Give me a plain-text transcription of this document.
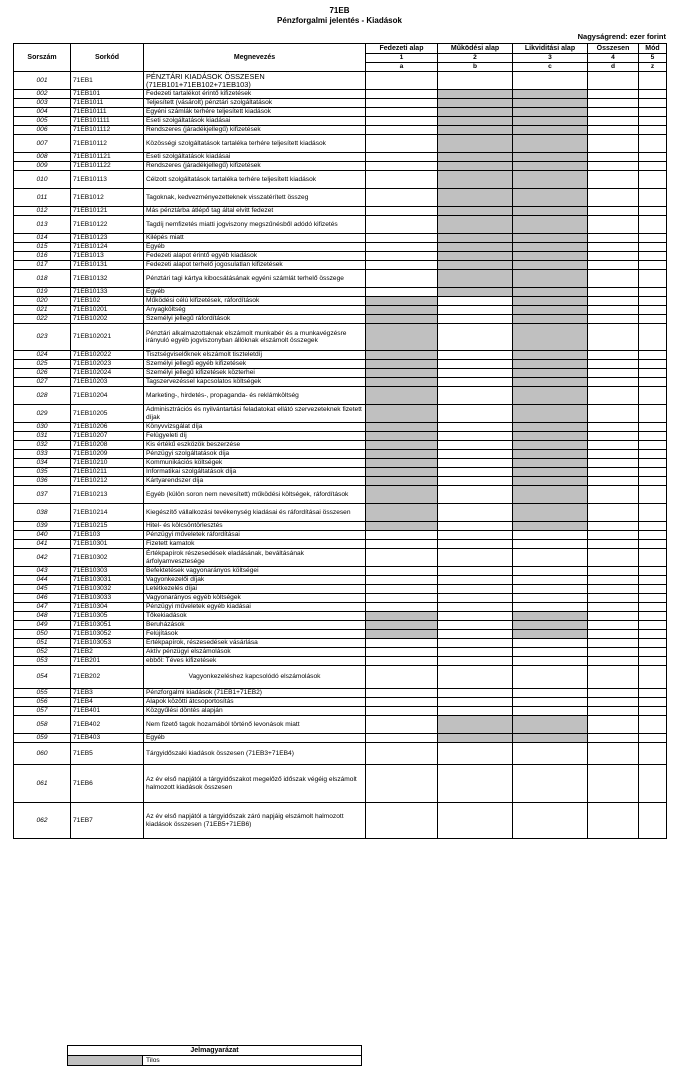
71EB
Pénzforgalmi jelentés - Kiadások
Nagyságrend: ezer forint
Sorszám	Sorkód	Megnevezés	Fedezeti alap	Működési alap	Likviditási alap	Összesen	Mód
			1	2	3	4	5
			a	b	c	d	z
001	71EB1	PÉNZTÁRI KIADÁSOK ÖSSZESEN (71EB101+71EB102+71EB103)					
002	71EB101	Fedezeti tartalékot érintő kifizetések					
003	71EB1011	Teljesített (vásárolt) pénztári szolgáltatások					
004	71EB10111	Egyéni számlák terhére teljesített kiadások					
005	71EB101111	Eseti szolgáltatások kiadásai					
006	71EB101112	Rendszeres (járadékjellegű) kifizetések					
007	71EB10112	Közösségi szolgáltatások tartaléka terhére teljesített kiadások					
008	71EB101121	Eseti szolgáltatások kiadásai					
009	71EB101122	Rendszeres (járadékjellegű) kifizetések					
010	71EB10113	Célzott szolgáltatások tartaléka terhére teljesített kiadások					
011	71EB1012	Tagoknak, kedvezményezetteknek visszatérített összeg					
012	71EB10121	Más pénztárba átlépő tag által elvitt fedezet					
013	71EB10122	Tagdíj nemfizetés miatti jogviszony megszűnésből adódó kifizetés					
014	71EB10123	Kilépés miatt					
015	71EB10124	Egyéb					
016	71EB1013	Fedezeti alapot érintő egyéb kiadások					
017	71EB10131	Fedezeti alapot terhelő jogosulatlan kifizetések					
018	71EB10132	Pénztári tagi kártya kibocsátásának egyéni számlát terhelő összege					
019	71EB10133	Egyéb					
020	71EB102	Működési célú kifizetések, ráfordítások					
021	71EB10201	Anyagköltség					
022	71EB10202	Személyi jellegű ráfordítások					
023	71EB102021	Pénztári alkalmazottaknak elszámolt munkabér és a munkavégzésre irányuló egyéb jogviszonyban állóknak elszámolt összegek					
024	71EB102022	Tisztségviselőknek elszámolt tiszteletdíj					
025	71EB102023	Személyi jellegű egyéb kifizetések					
026	71EB102024	Személyi jellegű kifizetések közterhei					
027	71EB10203	Tagszervezéssel kapcsolatos költségek					
028	71EB10204	Marketing-, hirdetés-, propaganda- és reklámköltség					
029	71EB10205	Adminisztrációs és nyilvántartási feladatokat ellátó szervezeteknek fizetett díjak					
030	71EB10206	Könyvvizsgálat díja					
031	71EB10207	Felügyeleti díj					
032	71EB10208	Kis értékű eszközök beszerzése					
033	71EB10209	Pénzügyi szolgáltatások díja					
034	71EB10210	Kommunikációs költségek					
035	71EB10211	Informatikai szolgáltatások díja					
036	71EB10212	Kártyarendszer díja					
037	71EB10213	Egyéb (külön soron nem nevesített) működési költségek, ráfordítások					
038	71EB10214	Kiegészítő vállalkozási tevékenység kiadásai és ráfordításai összesen					
039	71EB10215	Hitel- és kölcsöntörlesztés					
040	71EB103	Pénzügyi műveletek ráfordításai					
041	71EB10301	Fizetett kamatok					
042	71EB10302	Értékpapírok részesedések eladásának, beváltásának árfolyamvesztesége					
043	71EB10303	Befektetések vagyonarányos költségei					
044	71EB103031	Vagyonkezelői díjak					
045	71EB103032	Letétkezelés díjai					
046	71EB103033	Vagyonarányos egyéb költségek					
047	71EB10304	Pénzügyi műveletek egyéb kiadásai					
048	71EB10305	Tőkekiadások					
049	71EB103051	Beruházások					
050	71EB103052	Felújítások					
051	71EB103053	Értékpapírok, részesedések vásárlása					
052	71EB2	Aktív pénzügyi elszámolások					
053	71EB201	ebből: Téves kifizetések					
054	71EB202	Vagyonkezeléshez kapcsolódó elszámolások					
055	71EB3	Pénzforgalmi kiadások (71EB1+71EB2)					
056	71EB4	Alapok közötti átcsoportosítás					
057	71EB401	Közgyűlési döntés alapján					
058	71EB402	Nem fizető tagok hozamából történő levonások miatt					
059	71EB403	Egyéb					
060	71EB5	Tárgyidőszaki kiadások összesen (71EB3+71EB4)					
061	71EB6	Az év első napjától a tárgyidőszakot megelőző időszak végéig elszámolt halmozott kiadások összesen					
062	71EB7	Az év első napjától a tárgyidőszak záró napjáig elszámolt halmozott kiadások összesen (71EB5+71EB6)					
Jelmagyarázat
	Tilos
